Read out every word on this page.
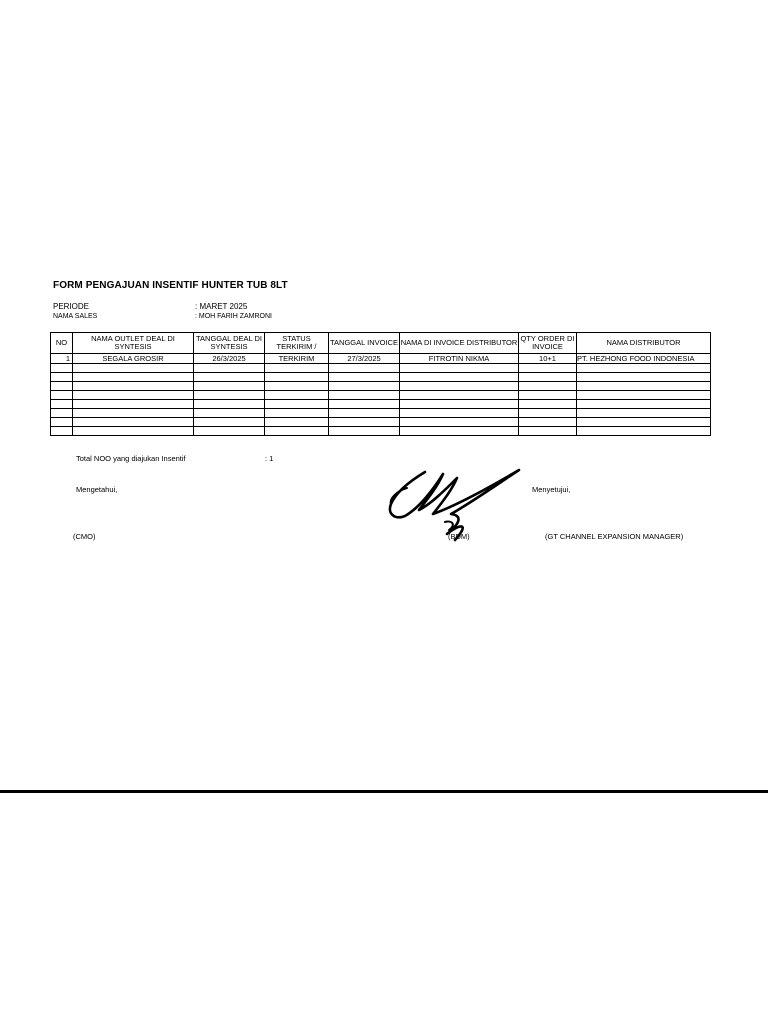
FORM PENGAJUAN INSENTIF HUNTER TUB 8LT
PERIODE	: MARET 2025
NAMA SALES	: MOH FARIH ZAMRONI
NO	NAMA OUTLET DEAL DI SYNTESIS	TANGGAL DEAL DI SYNTESIS	STATUS TERKIRIM /	TANGGAL INVOICE	NAMA DI INVOICE DISTRIBUTOR	QTY ORDER DI INVOICE	NAMA DISTRIBUTOR
1	SEGALA GROSIR	26/3/2025	TERKIRIM	27/3/2025	FITROTIN NIKMA	10+1	PT. HEZHONG FOOD INDONESIA

Total NOO yang diajukan Insentif	: 1
Mengetahui,	Menyetujui,
(CMO)	(BDM)	(GT CHANNEL EXPANSION MANAGER)
